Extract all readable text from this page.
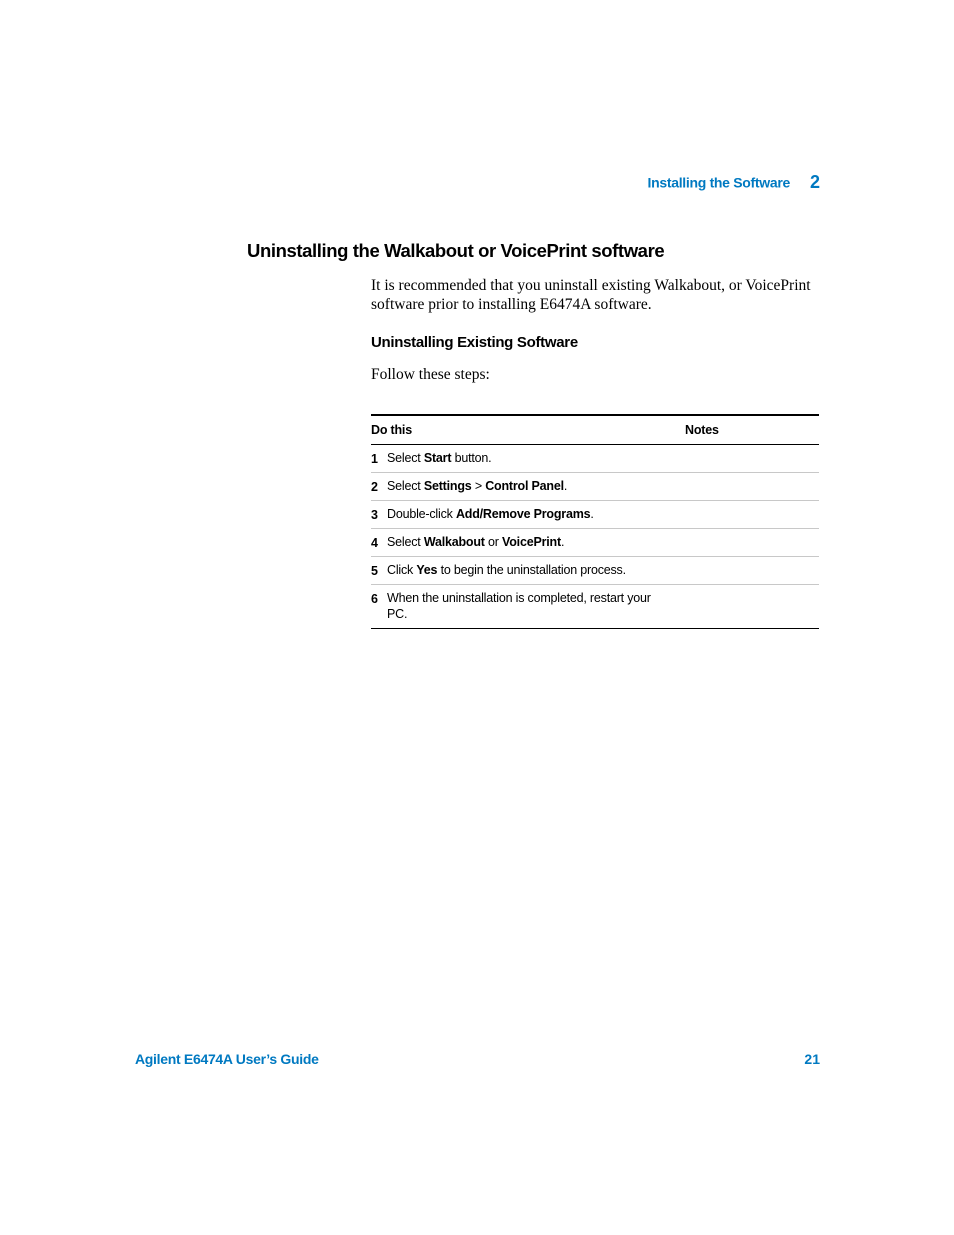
Installing the Software 2
Uninstalling the Walkabout or VoicePrint software

It is recommended that you uninstall existing Walkabout, or VoicePrint software prior to installing E6474A software.

Uninstalling Existing Software

Follow these steps:

Do this	Notes
1 Select Start button.	
2 Select Settings > Control Panel.	
3 Double-click Add/Remove Programs.	
4 Select Walkabout or VoicePrint.	
5 Click Yes to begin the uninstallation process.	
6 When the uninstallation is completed, restart your PC.	

Agilent E6474A User’s Guide	21
